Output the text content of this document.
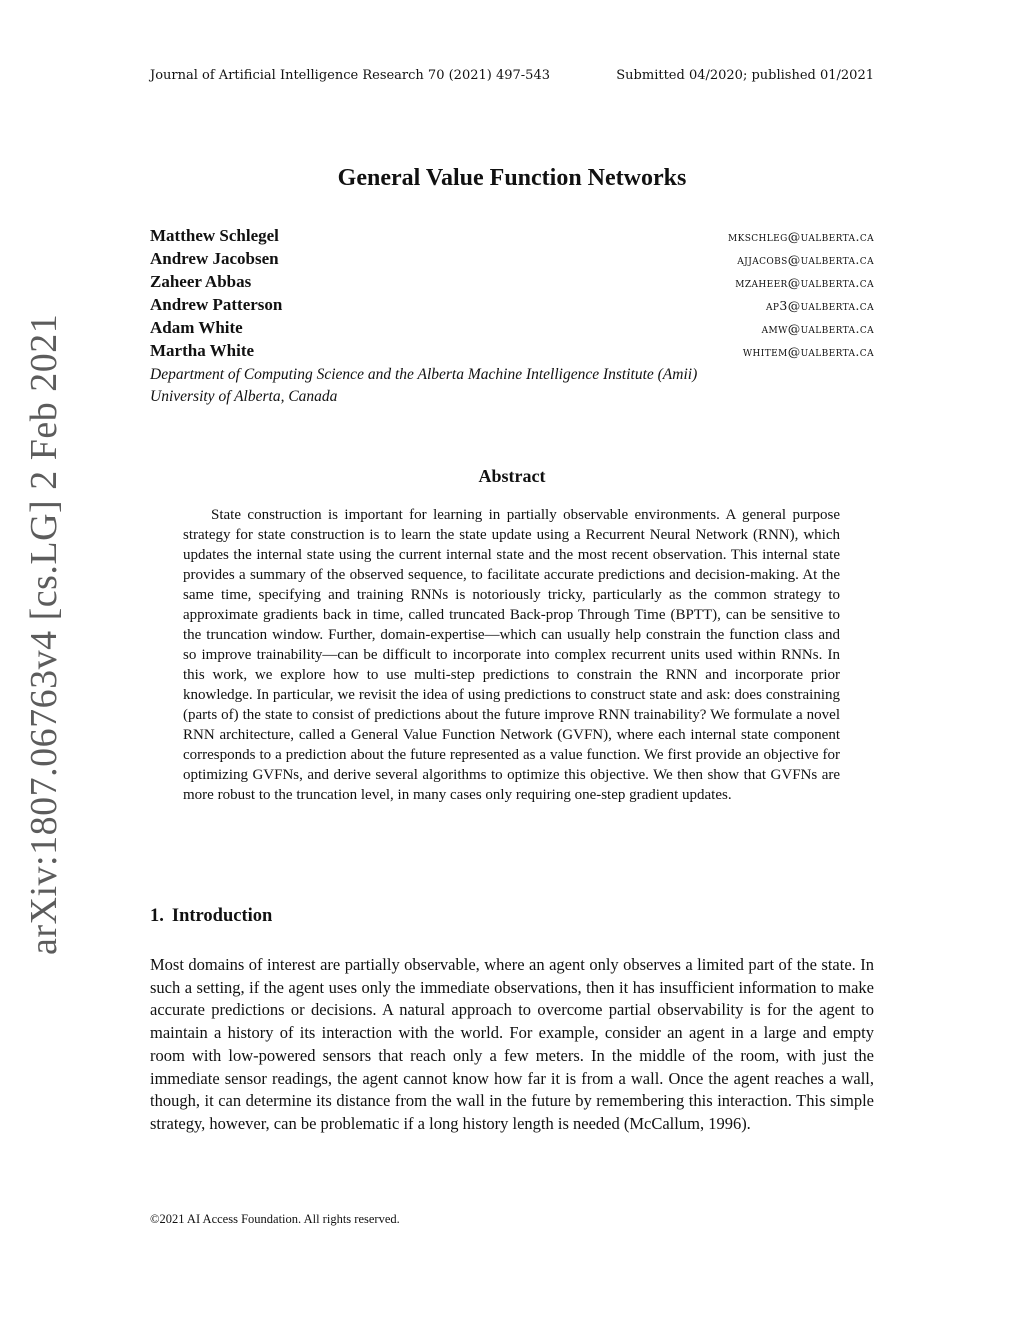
Journal of Artificial Intelligence Research 70 (2021) 497-543	Submitted 04/2020; published 01/2021
arXiv:1807.06763v4 [cs.LG] 2 Feb 2021
General Value Function Networks
Matthew Schlegel	mkschleg@ualberta.ca
Andrew Jacobsen	ajjacobs@ualberta.ca
Zaheer Abbas	mzaheer@ualberta.ca
Andrew Patterson	ap3@ualberta.ca
Adam White	amw@ualberta.ca
Martha White	whitem@ualberta.ca
Department of Computing Science and the Alberta Machine Intelligence Institute (Amii)
University of Alberta, Canada
Abstract
State construction is important for learning in partially observable environments. A general purpose strategy for state construction is to learn the state update using a Recurrent Neural Network (RNN), which updates the internal state using the current internal state and the most recent observation. This internal state provides a summary of the observed sequence, to facilitate accurate predictions and decision-making. At the same time, specifying and training RNNs is notoriously tricky, particularly as the common strategy to approximate gradients back in time, called truncated Back-prop Through Time (BPTT), can be sensitive to the truncation window. Further, domain-expertise—which can usually help constrain the function class and so improve trainability—can be difficult to incorporate into complex recurrent units used within RNNs. In this work, we explore how to use multi-step predictions to constrain the RNN and incorporate prior knowledge. In particular, we revisit the idea of using predictions to construct state and ask: does constraining (parts of) the state to consist of predictions about the future improve RNN trainability? We formulate a novel RNN architecture, called a General Value Function Network (GVFN), where each internal state component corresponds to a prediction about the future represented as a value function. We first provide an objective for optimizing GVFNs, and derive several algorithms to optimize this objective. We then show that GVFNs are more robust to the truncation level, in many cases only requiring one-step gradient updates.
1. Introduction
Most domains of interest are partially observable, where an agent only observes a limited part of the state. In such a setting, if the agent uses only the immediate observations, then it has insufficient information to make accurate predictions or decisions. A natural approach to overcome partial observability is for the agent to maintain a history of its interaction with the world. For example, consider an agent in a large and empty room with low-powered sensors that reach only a few meters. In the middle of the room, with just the immediate sensor readings, the agent cannot know how far it is from a wall. Once the agent reaches a wall, though, it can determine its distance from the wall in the future by remembering this interaction. This simple strategy, however, can be problematic if a long history length is needed (McCallum, 1996).
©2021 AI Access Foundation. All rights reserved.
